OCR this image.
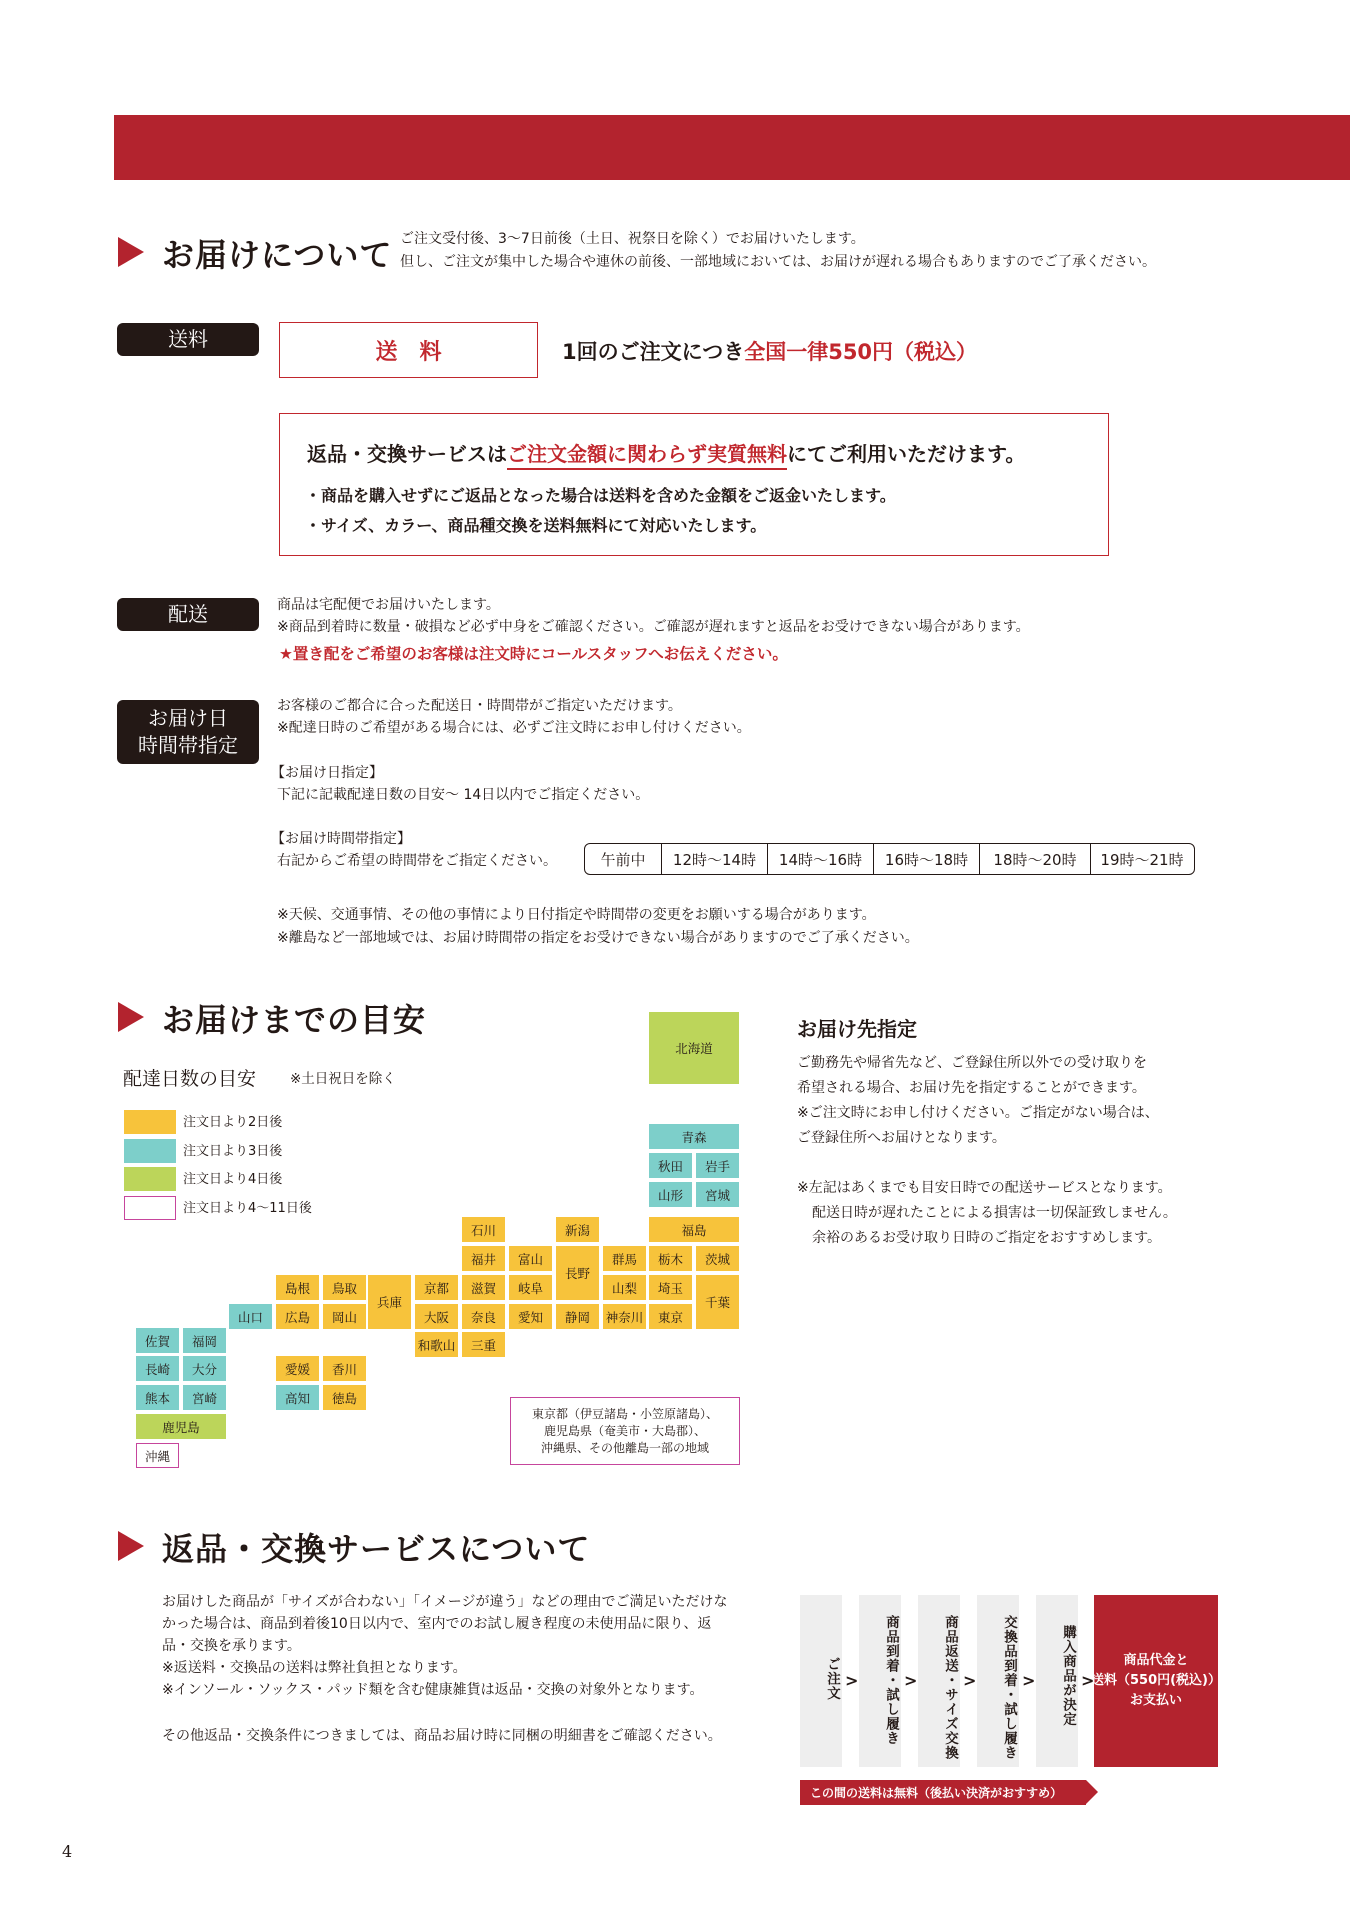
お届けについて ご注文受付後、3〜7日前後（土日、祝祭日を除く）でお届けいたします。
但し、ご注文が集中した場合や連休の前後、一部地域においては、お届けが遅れる場合もありますのでご了承ください。
送料
送　料	1回のご注文につき全国一律550円（税込）
返品・交換サービスはご注文金額に関わらず実質無料にてご利用いただけます。
・商品を購入せずにご返品となった場合は送料を含めた金額をご返金いたします。
・サイズ、カラー、商品種交換を送料無料にて対応いたします。
配送	商品は宅配便でお届けいたします。
※商品到着時に数量・破損など必ず中身をご確認ください。ご確認が遅れますと返品をお受けできない場合があります。
★置き配をご希望のお客様は注文時にコールスタッフへお伝えください。
お届け日
時間帯指定
お客様のご都合に合った配送日・時間帯がご指定いただけます。
※配達日時のご希望がある場合には、必ずご注文時にお申し付けください。
【お届け日指定】
下記に記載配達日数の目安〜 14日以内でご指定ください。
【お届け時間帯指定】
右記からご希望の時間帯をご指定ください。	午前中	12時〜14時	14時〜16時	16時〜18時	18時〜20時	19時〜21時
※天候、交通事情、その他の事情により日付指定や時間帯の変更をお願いする場合があります。
※離島など一部地域では、お届け時間帯の指定をお受けできない場合がありますのでご了承ください。
お届けまでの目安
配達日数の目安	※土日祝日を除く
注文日より2日後
注文日より3日後
注文日より4日後
注文日より4〜11日後
北海道
青森
秋田	岩手
山形	宮城
福島
新潟
石川
福井	富山
長野
群馬	栃木	茨城
山梨	埼玉
千葉
神奈川	東京
静岡
愛知
岐阜
滋賀
京都
奈良
大阪
和歌山	三重
兵庫
島根	鳥取
広島	岡山
山口
愛媛	香川
高知	徳島
佐賀	福岡
長崎	大分
熊本	宮崎
鹿児島
沖縄
東京都（伊豆諸島・小笠原諸島）、
鹿児島県（奄美市・大島郡）、
沖縄県、その他離島一部の地域
お届け先指定
ご勤務先や帰省先など、ご登録住所以外での受け取りを
希望される場合、お届け先を指定することができます。
※ご注文時にお申し付けください。ご指定がない場合は、
ご登録住所へお届けとなります。
※左記はあくまでも目安日時での配送サービスとなります。
配送日時が遅れたことによる損害は一切保証致しません。
余裕のあるお受け取り日時のご指定をおすすめします。
返品・交換サービスについて
お届けした商品が「サイズが合わない」「イメージが違う」などの理由でご満足いただけな
かった場合は、商品到着後10日以内で、室内でのお試し履き程度の未使用品に限り、返
品・交換を承ります。
※返送料・交換品の送料は弊社負担となります。
※インソール・ソックス・パッド類を含む健康雑貨は返品・交換の対象外となります。
その他返品・交換条件につきましては、商品お届け時に同梱の明細書をご確認ください。
ご注文 >	商品到着・試し履き >	商品返送・サイズ交換 >	交換品到着・試し履き >	購入商品が決定 >
商品代金と
送料（550円(税込)）
お支払い
この間の送料は無料（後払い決済がおすすめ）
4
